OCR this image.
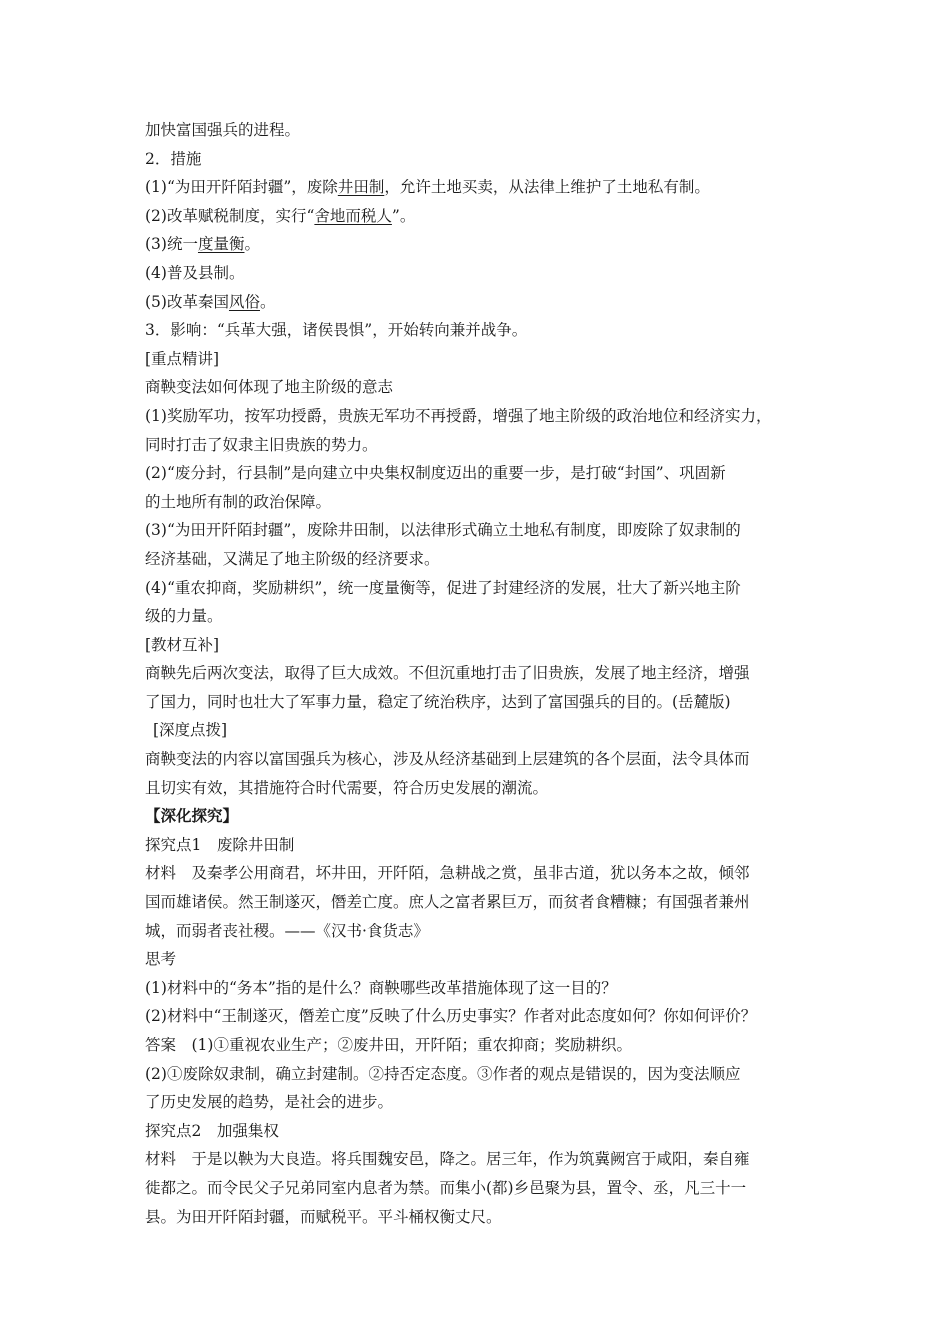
加快富国强兵的进程。
2．措施
(1)“为田开阡陌封疆”，废除井田制，允许土地买卖，从法律上维护了土地私有制。
(2)改革赋税制度，实行“舍地而税人”。
(3)统一度量衡。
(4)普及县制。
(5)改革秦国风俗。
3．影响：“兵革大强，诸侯畏惧”，开始转向兼并战争。
[重点精讲]
商鞅变法如何体现了地主阶级的意志
(1)奖励军功，按军功授爵，贵族无军功不再授爵，增强了地主阶级的政治地位和经济实力，
同时打击了奴隶主旧贵族的势力。
(2)“废分封，行县制”是向建立中央集权制度迈出的重要一步，是打破“封国”、巩固新
的土地所有制的政治保障。
(3)“为田开阡陌封疆”，废除井田制，以法律形式确立土地私有制度，即废除了奴隶制的
经济基础，又满足了地主阶级的经济要求。
(4)“重农抑商，奖励耕织”，统一度量衡等，促进了封建经济的发展，壮大了新兴地主阶
级的力量。
[教材互补]
商鞅先后两次变法，取得了巨大成效。不但沉重地打击了旧贵族，发展了地主经济，增强
了国力，同时也壮大了军事力量，稳定了统治秩序，达到了富国强兵的目的。(岳麓版)
[深度点拨]
商鞅变法的内容以富国强兵为核心，涉及从经济基础到上层建筑的各个层面，法令具体而
且切实有效，其措施符合时代需要，符合历史发展的潮流。
【深化探究】
探究点1　废除井田制
材料　及秦孝公用商君，坏井田，开阡陌，急耕战之赏，虽非古道，犹以务本之故，倾邻
国而雄诸侯。然王制遂灭，僭差亡度。庶人之富者累巨万，而贫者食糟糠；有国强者兼州
城，而弱者丧社稷。——《汉书·食货志》
思考
(1)材料中的“务本”指的是什么？商鞅哪些改革措施体现了这一目的？
(2)材料中“王制遂灭，僭差亡度”反映了什么历史事实？作者对此态度如何？你如何评价？
答案　(1)①重视农业生产；②废井田，开阡陌；重农抑商；奖励耕织。
(2)①废除奴隶制，确立封建制。②持否定态度。③作者的观点是错误的，因为变法顺应
了历史发展的趋势，是社会的进步。
探究点2　加强集权
材料　于是以鞅为大良造。将兵围魏安邑，降之。居三年，作为筑冀阙宫于咸阳，秦自雍
徙都之。而令民父子兄弟同室内息者为禁。而集小(都)乡邑聚为县，置令、丞，凡三十一
县。为田开阡陌封疆，而赋税平。平斗桶权衡丈尺。
